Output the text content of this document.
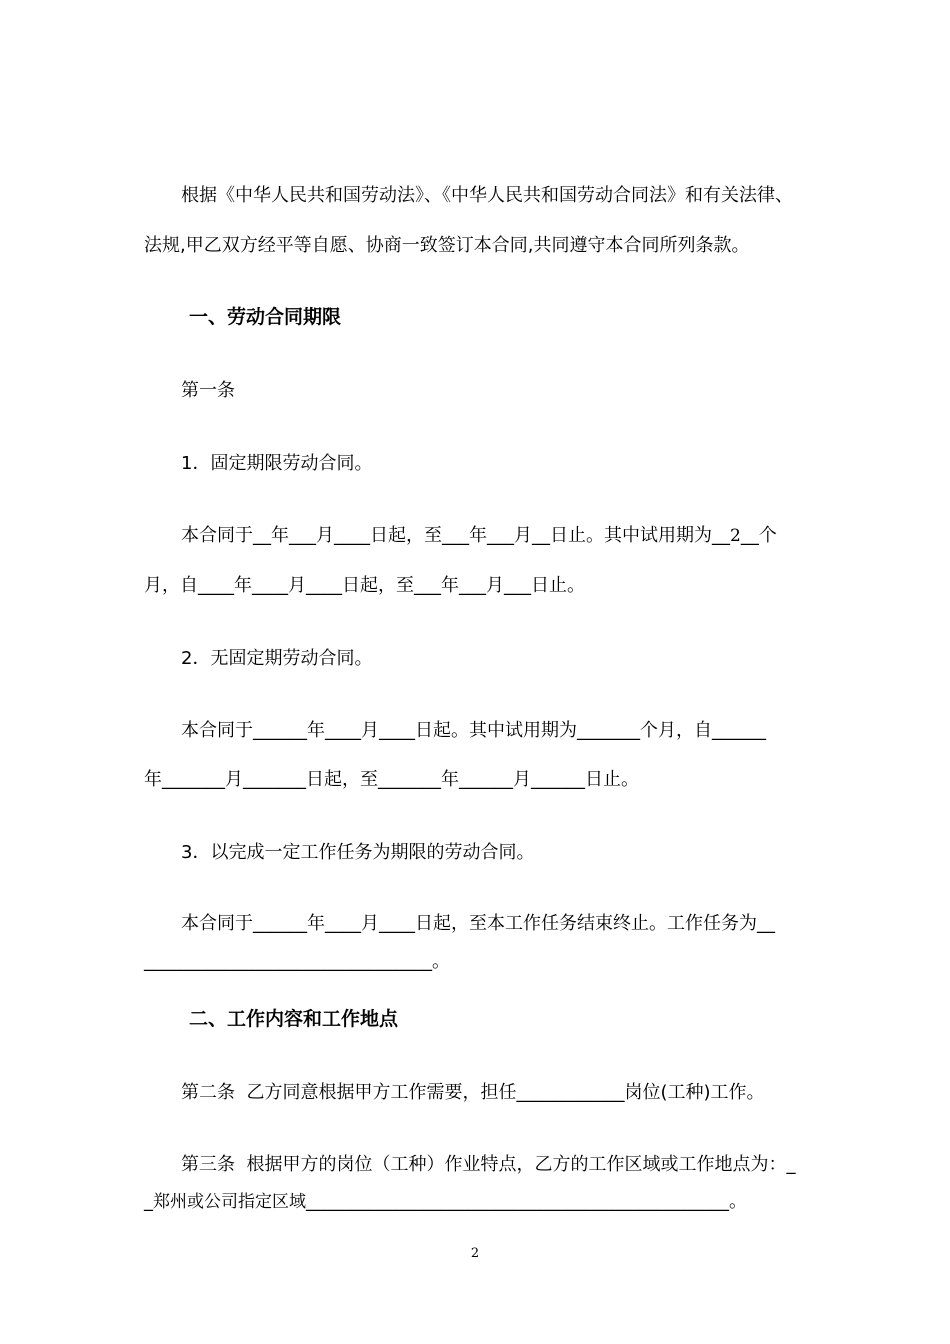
根据《中华人民共和国劳动法》、《中华人民共和国劳动合同法》和有关法律、
法规,甲乙双方经平等自愿、协商一致签订本合同,共同遵守本合同所列条款。
一、劳动合同期限
第一条
1．固定期限劳动合同。
本合同于__年___月____日起，至___年___月__日止。其中试用期为__2__个
月，自____年____月____日起，至___年___月___日止。
2．无固定期劳动合同。
本合同于______年____月____日起。其中试用期为_______个月，自______
年_______月_______日起，至_______年______月______日止。
3．以完成一定工作任务为期限的劳动合同。
本合同于______年____月____日起，至本工作任务结束终止。工作任务为__
________________________________。
二、工作内容和工作地点
第二条  乙方同意根据甲方工作需要，担任____________岗位(工种)工作。
第三条  根据甲方的岗位（工种）作业特点，乙方的工作区域或工作地点为：_
_郑州或公司指定区域_______________________________________________。
2
